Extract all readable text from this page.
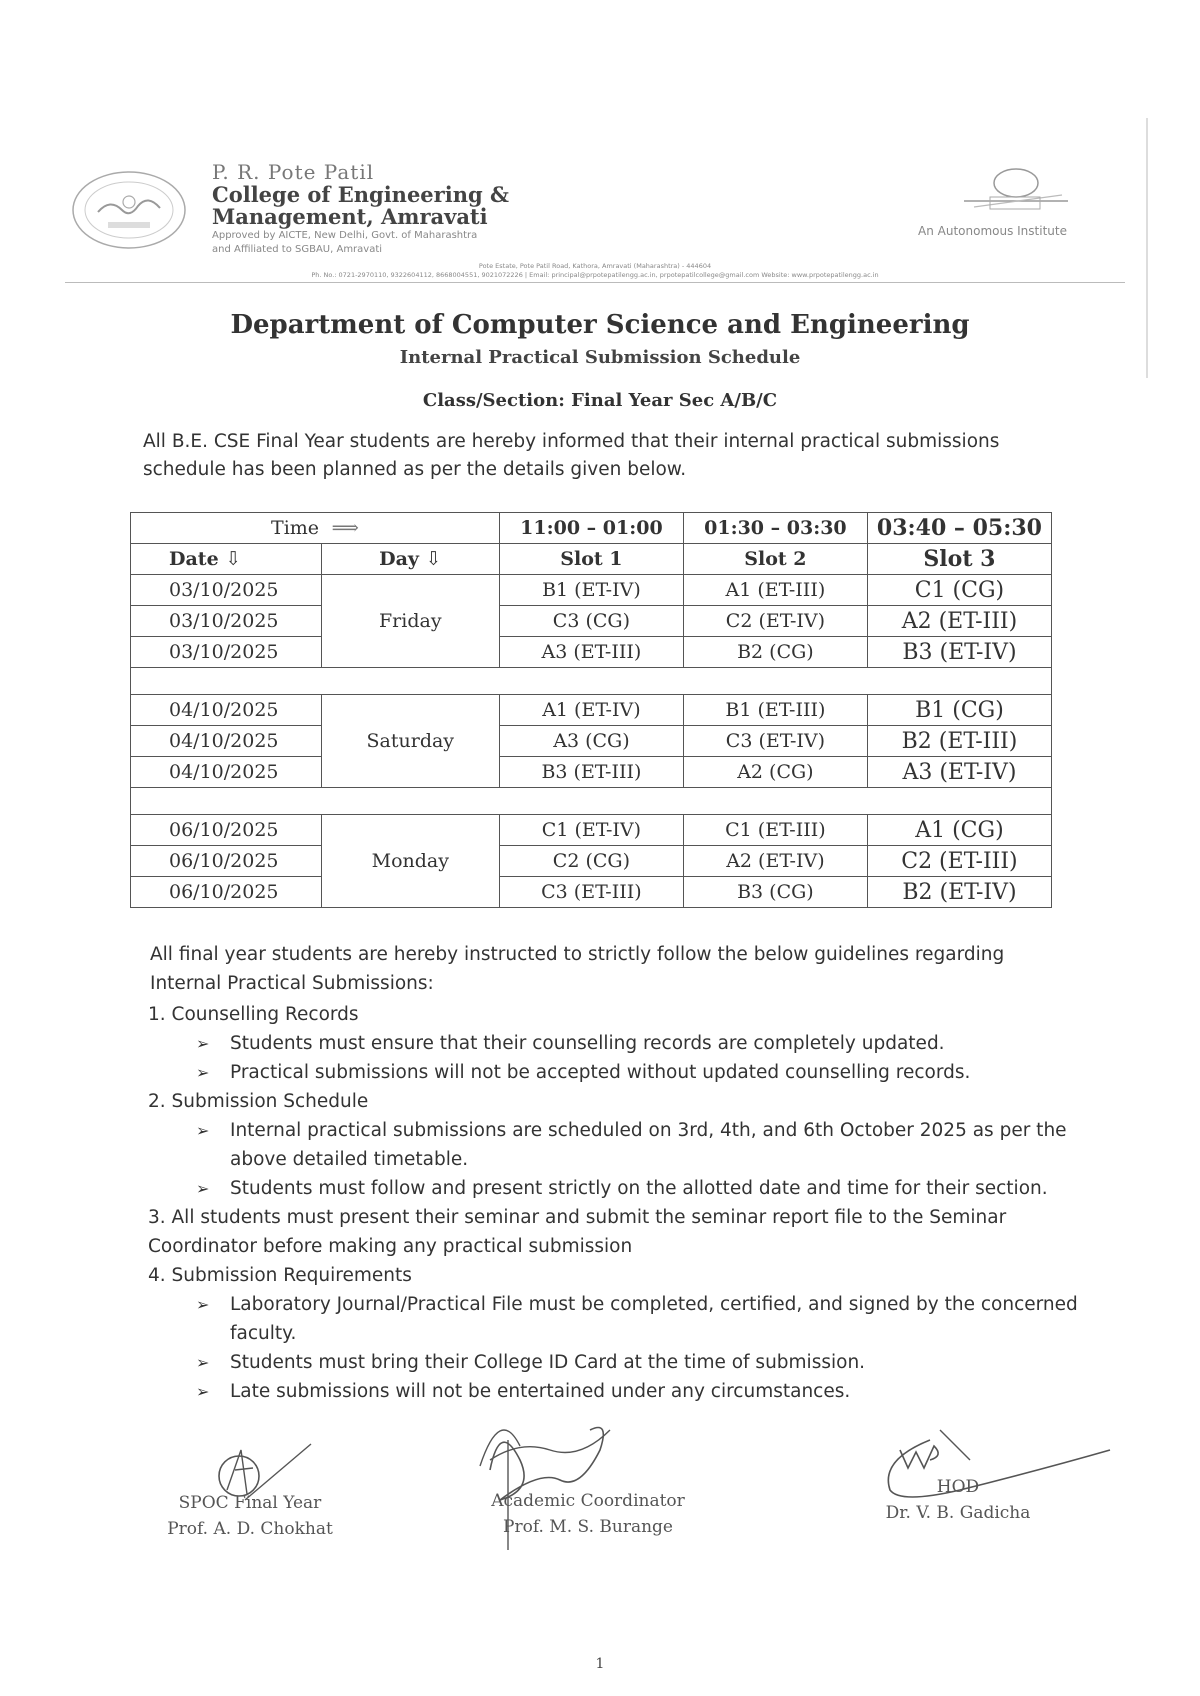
P. R. Pote Patil
College of Engineering &
Management, Amravati
Approved by AICTE, New Delhi, Govt. of Maharashtra
and Affiliated to SGBAU, Amravati
An Autonomous Institute
Pote Estate, Pote Patil Road, Kathora, Amravati (Maharashtra) - 444604
Ph. No.: 0721-2970110, 9322604112, 8668004551, 9021072226 | Email: principal@prpotepatilengg.ac.in, prpotepatilcollege@gmail.com Website: www.prpotepatilengg.ac.in
Department of Computer Science and Engineering
Internal Practical Submission Schedule
Class/Section: Final Year Sec A/B/C
All B.E. CSE Final Year students are hereby informed that their internal practical submissions schedule has been planned as per the details given below.
Time ⟹		11:00 – 01:00	01:30 – 03:30	03:40 – 05:30
Date ⇩	Day ⇩	Slot 1	Slot 2	Slot 3
03/10/2025	Friday	B1 (ET-IV)	A1 (ET-III)	C1 (CG)
03/10/2025		C3 (CG)	C2 (ET-IV)	A2 (ET-III)
03/10/2025		A3 (ET-III)	B2 (CG)	B3 (ET-IV)

04/10/2025	Saturday	A1 (ET-IV)	B1 (ET-III)	B1 (CG)
04/10/2025		A3 (CG)	C3 (ET-IV)	B2 (ET-III)
04/10/2025		B3 (ET-III)	A2 (CG)	A3 (ET-IV)

06/10/2025	Monday	C1 (ET-IV)	C1 (ET-III)	A1 (CG)
06/10/2025		C2 (CG)	A2 (ET-IV)	C2 (ET-III)
06/10/2025		C3 (ET-III)	B3 (CG)	B2 (ET-IV)
All final year students are hereby instructed to strictly follow the below guidelines regarding Internal Practical Submissions:

1. Counselling Records

➢	Students must ensure that their counselling records are completely updated.
➢	Practical submissions will not be accepted without updated counselling records.

2. Submission Schedule

➢	Internal practical submissions are scheduled on 3rd, 4th, and 6th October 2025 as per the above detailed timetable.
➢	Students must follow and present strictly on the allotted date and time for their section.

3. All students must present their seminar and submit the seminar report file to the Seminar Coordinator before making any practical submission

4. Submission Requirements

➢	Laboratory Journal/Practical File must be completed, certified, and signed by the concerned faculty.
➢	Students must bring their College ID Card at the time of submission.
➢	Late submissions will not be entertained under any circumstances.
SPOC Final Year
Prof. A. D. Chokhat
Academic Coordinator
Prof. M. S. Burange
HOD
Dr. V. B. Gadicha
1
